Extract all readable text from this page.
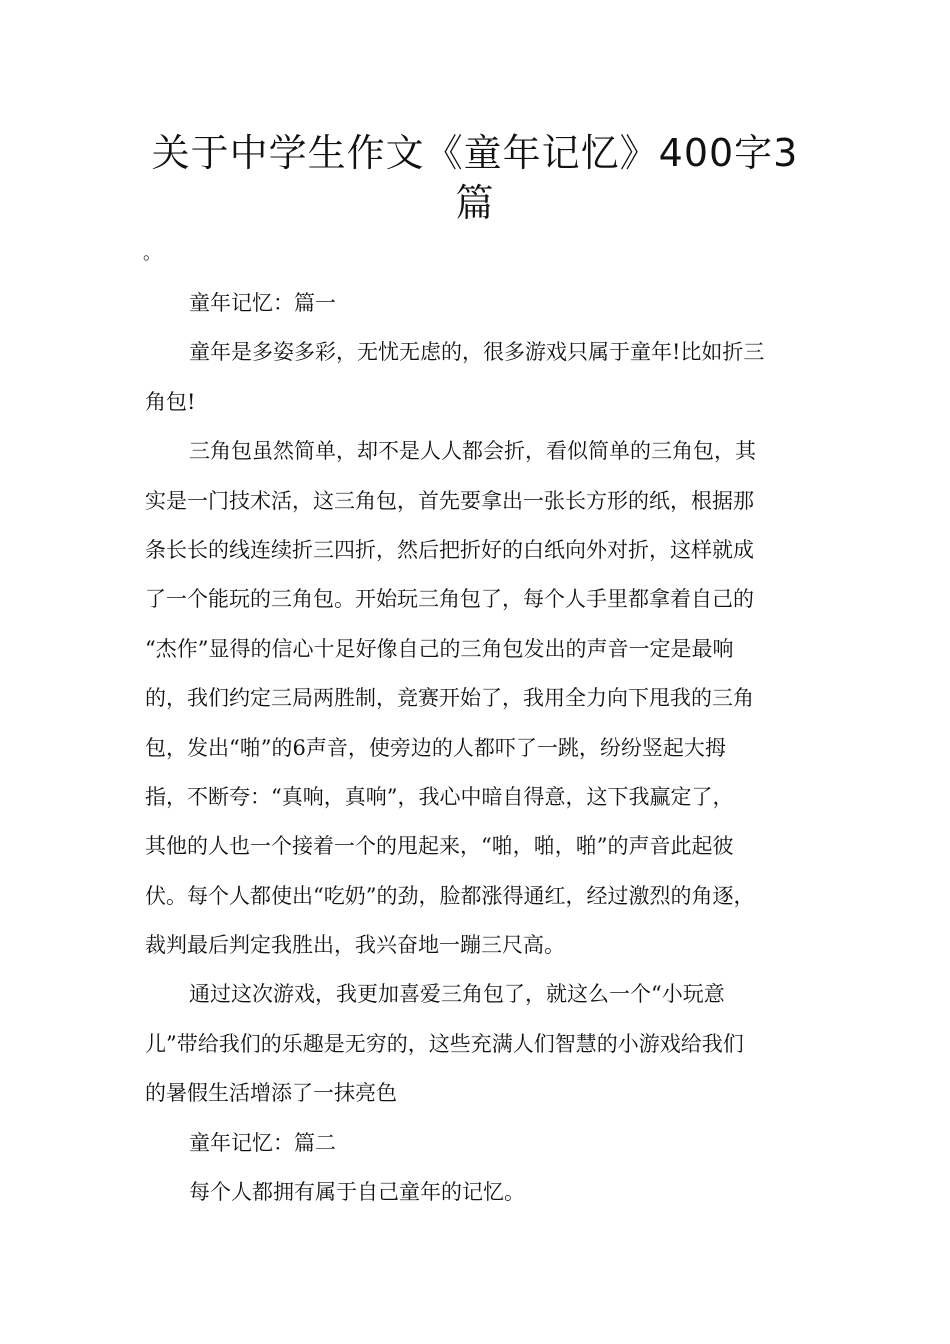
关于中学生作文《童年记忆》400字3
篇
。
童年记忆：篇一
童年是多姿多彩，无忧无虑的，很多游戏只属于童年!比如折三
角包!
三角包虽然简单，却不是人人都会折，看似简单的三角包，其
实是一门技术活，这三角包，首先要拿出一张长方形的纸，根据那
条长长的线连续折三四折，然后把折好的白纸向外对折，这样就成
了一个能玩的三角包。开始玩三角包了，每个人手里都拿着自己的
“杰作”显得的信心十足好像自己的三角包发出的声音一定是最响
的，我们约定三局两胜制，竞赛开始了，我用全力向下甩我的三角
包，发出“啪”的6声音，使旁边的人都吓了一跳，纷纷竖起大拇
指，不断夸：“真响，真响”，我心中暗自得意，这下我赢定了，
其他的人也一个接着一个的甩起来，“啪，啪，啪”的声音此起彼
伏。每个人都使出“吃奶”的劲，脸都涨得通红，经过激烈的角逐，
裁判最后判定我胜出，我兴奋地一蹦三尺高。
通过这次游戏，我更加喜爱三角包了，就这么一个“小玩意
儿”带给我们的乐趣是无穷的，这些充满人们智慧的小游戏给我们
的暑假生活增添了一抹亮色
童年记忆：篇二
每个人都拥有属于自己童年的记忆。
